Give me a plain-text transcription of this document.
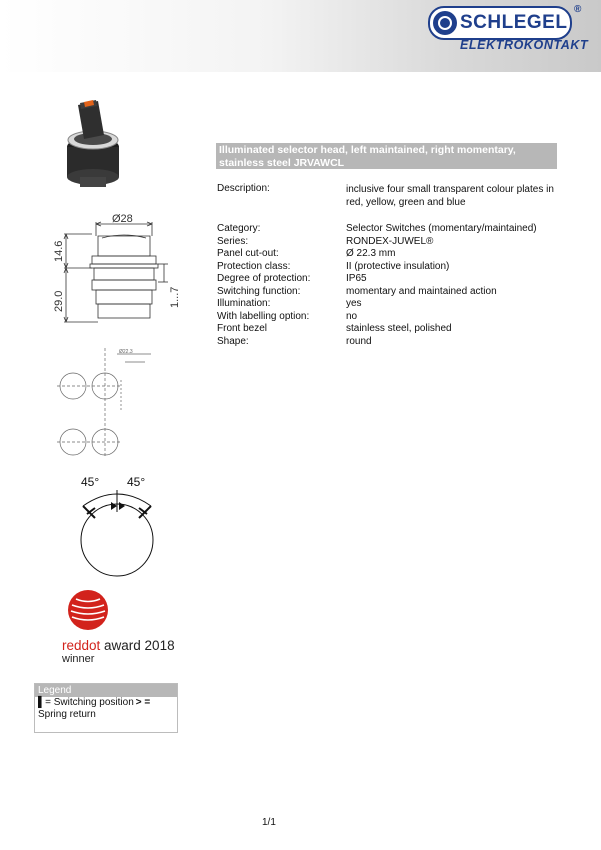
SCHLEGEL
®
ELEKTROKONTAKT
Illuminated selector head, left maintained, right momentary,
stainless steel JRVAWCL
Description:	inclusive four small transparent colour plates in red, yellow, green and blue
Category:	Selector Switches (momentary/maintained)
Series:	RONDEX-JUWEL®
Panel cut-out:	Ø 22.3 mm
Protection class:	II (protective insulation)
Degree of protection:	IP65
Switching function:	momentary and maintained action
Illumination:	yes
With labelling option:	no
Front bezel	stainless steel, polished
Shape:	round
Ø28
14.6
29.0	1...7
Ø22.3
45° 45°
reddot award 2018
winner
Legend
▌= Switching position > =
Spring return
1/1
